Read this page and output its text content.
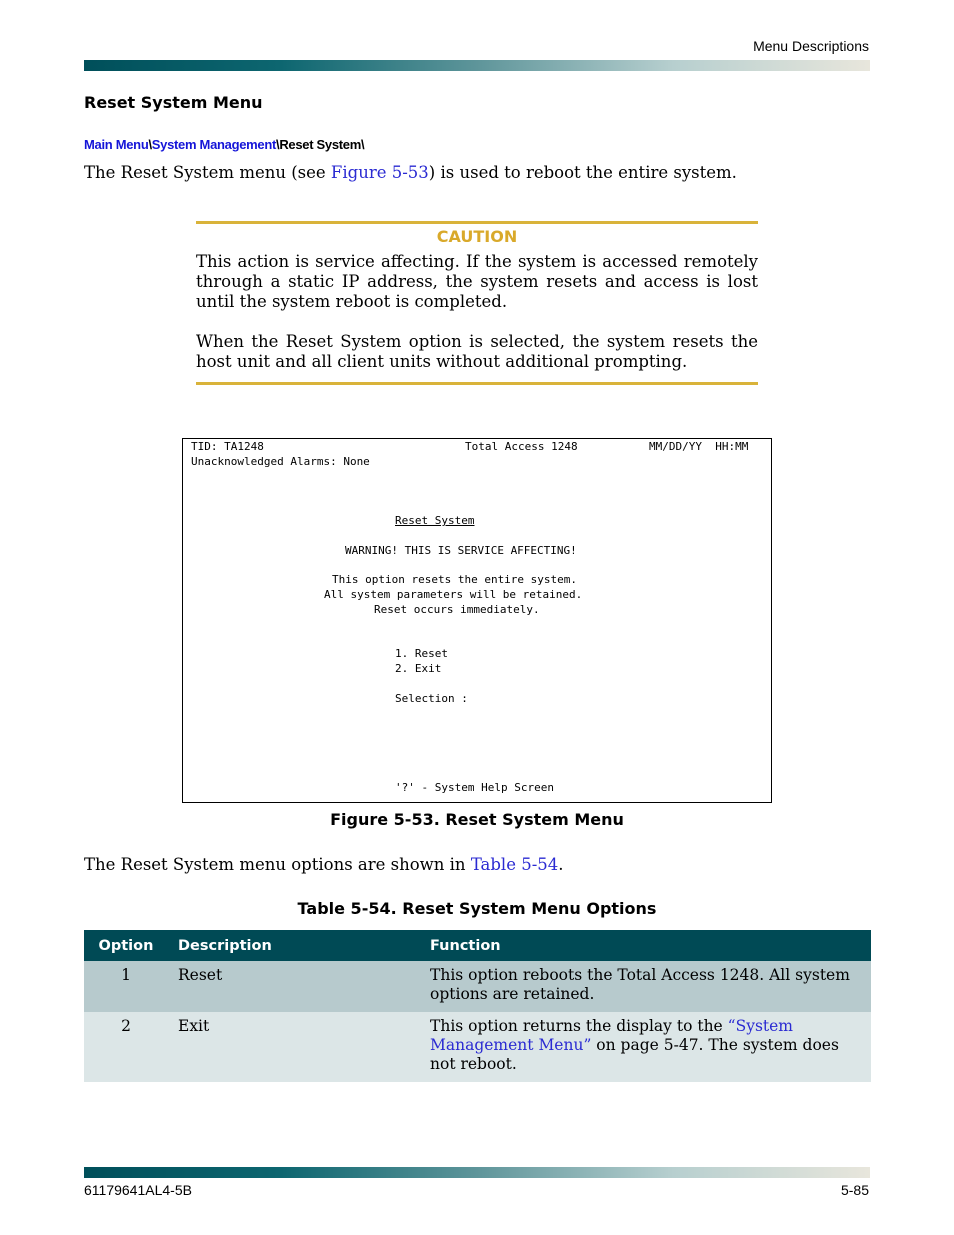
Menu Descriptions
Reset System Menu
Main Menu\System Management\Reset System\
The Reset System menu (see Figure 5-53) is used to reboot the entire system.
CAUTION

This action is service affecting. If the system is accessed remotely through a static IP address, the system resets and access is lost until the system reboot is completed.

When the Reset System option is selected, the system resets the host unit and all client units without additional prompting.

TID: TA1248	Total Access 1248	MM/DD/YY  HH:MM
Unacknowledged Alarms: None
Reset System
WARNING! THIS IS SERVICE AFFECTING!
This option resets the entire system.
All system parameters will be retained.
Reset occurs immediately.
1. Reset
2. Exit
Selection :
'?' - System Help Screen
Figure 5-53. Reset System Menu
The Reset System menu options are shown in Table 5-54.
Table 5-54. Reset System Menu Options
Option	Description	Function
1	Reset	This option reboots the Total Access 1248. All system options are retained.
2	Exit	This option returns the display to the “System Management Menu” on page 5-47. The system does not reboot.
61179641AL4-5B	5-85
